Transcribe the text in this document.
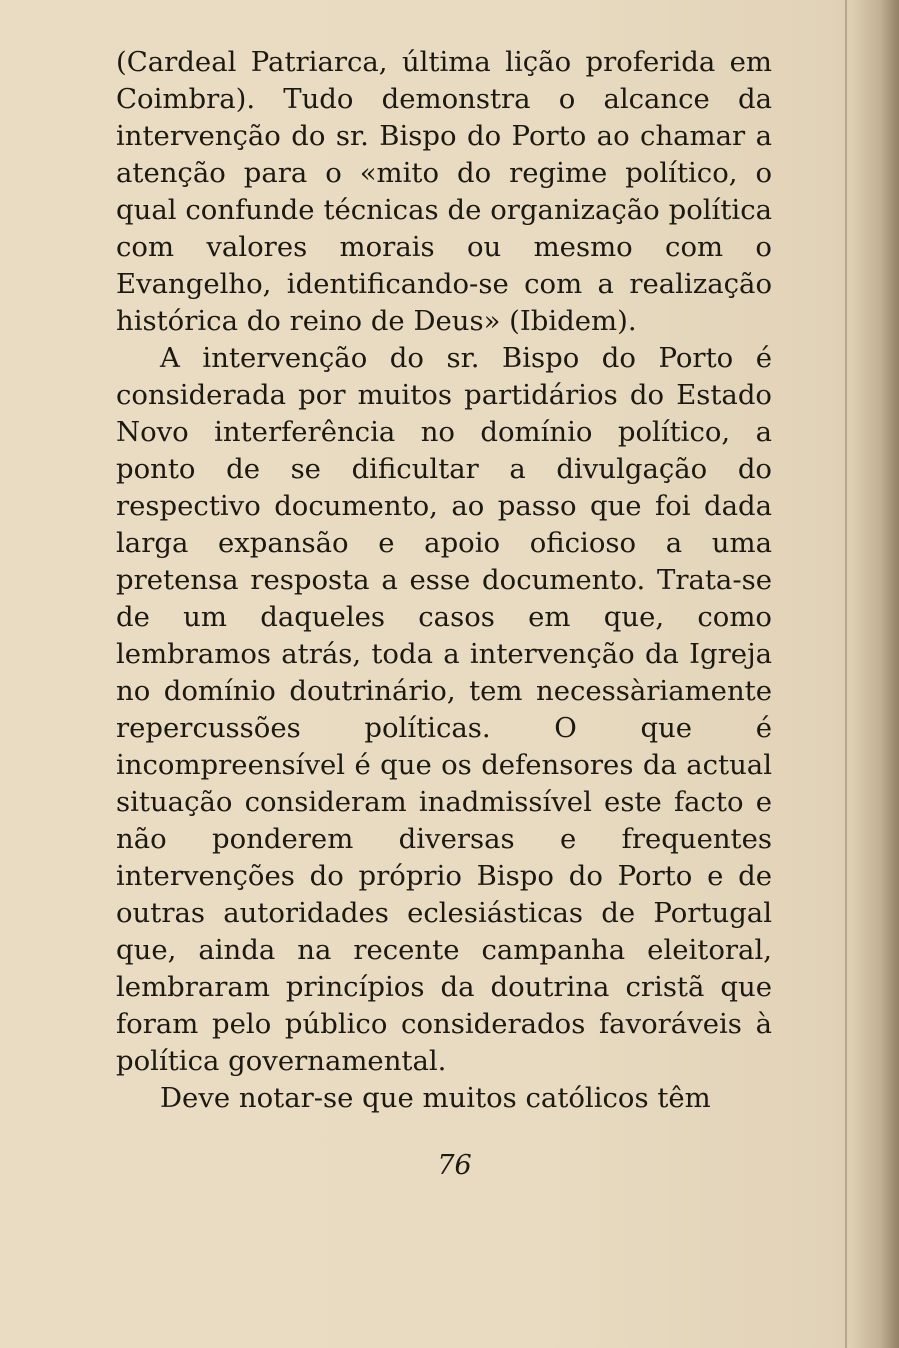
(Cardeal Patriarca, última lição proferida em Coimbra). Tudo demonstra o alcance da intervenção do sr. Bispo do Porto ao chamar a atenção para o «mito do regime político, o qual confunde técnicas de organização política com valores morais ou mesmo com o Evangelho, identificando-se com a realização histórica do reino de Deus» (Ibidem).

A intervenção do sr. Bispo do Porto é considerada por muitos partidários do Estado Novo interferência no domínio político, a ponto de se dificultar a divulgação do respectivo documento, ao passo que foi dada larga expansão e apoio oficioso a uma pretensa resposta a esse documento. Trata-se de um daqueles casos em que, como lembramos atrás, toda a intervenção da Igreja no domínio doutrinário, tem necessàriamente repercussões políticas. O que é incompreensível é que os defensores da actual situação consideram inadmissível este facto e não ponderem diversas e frequentes intervenções do próprio Bispo do Porto e de outras autoridades eclesiásticas de Portugal que, ainda na recente campanha eleitoral, lembraram princípios da doutrina cristã que foram pelo público considerados favoráveis à política governamental.

Deve notar-se que muitos católicos têm

76
